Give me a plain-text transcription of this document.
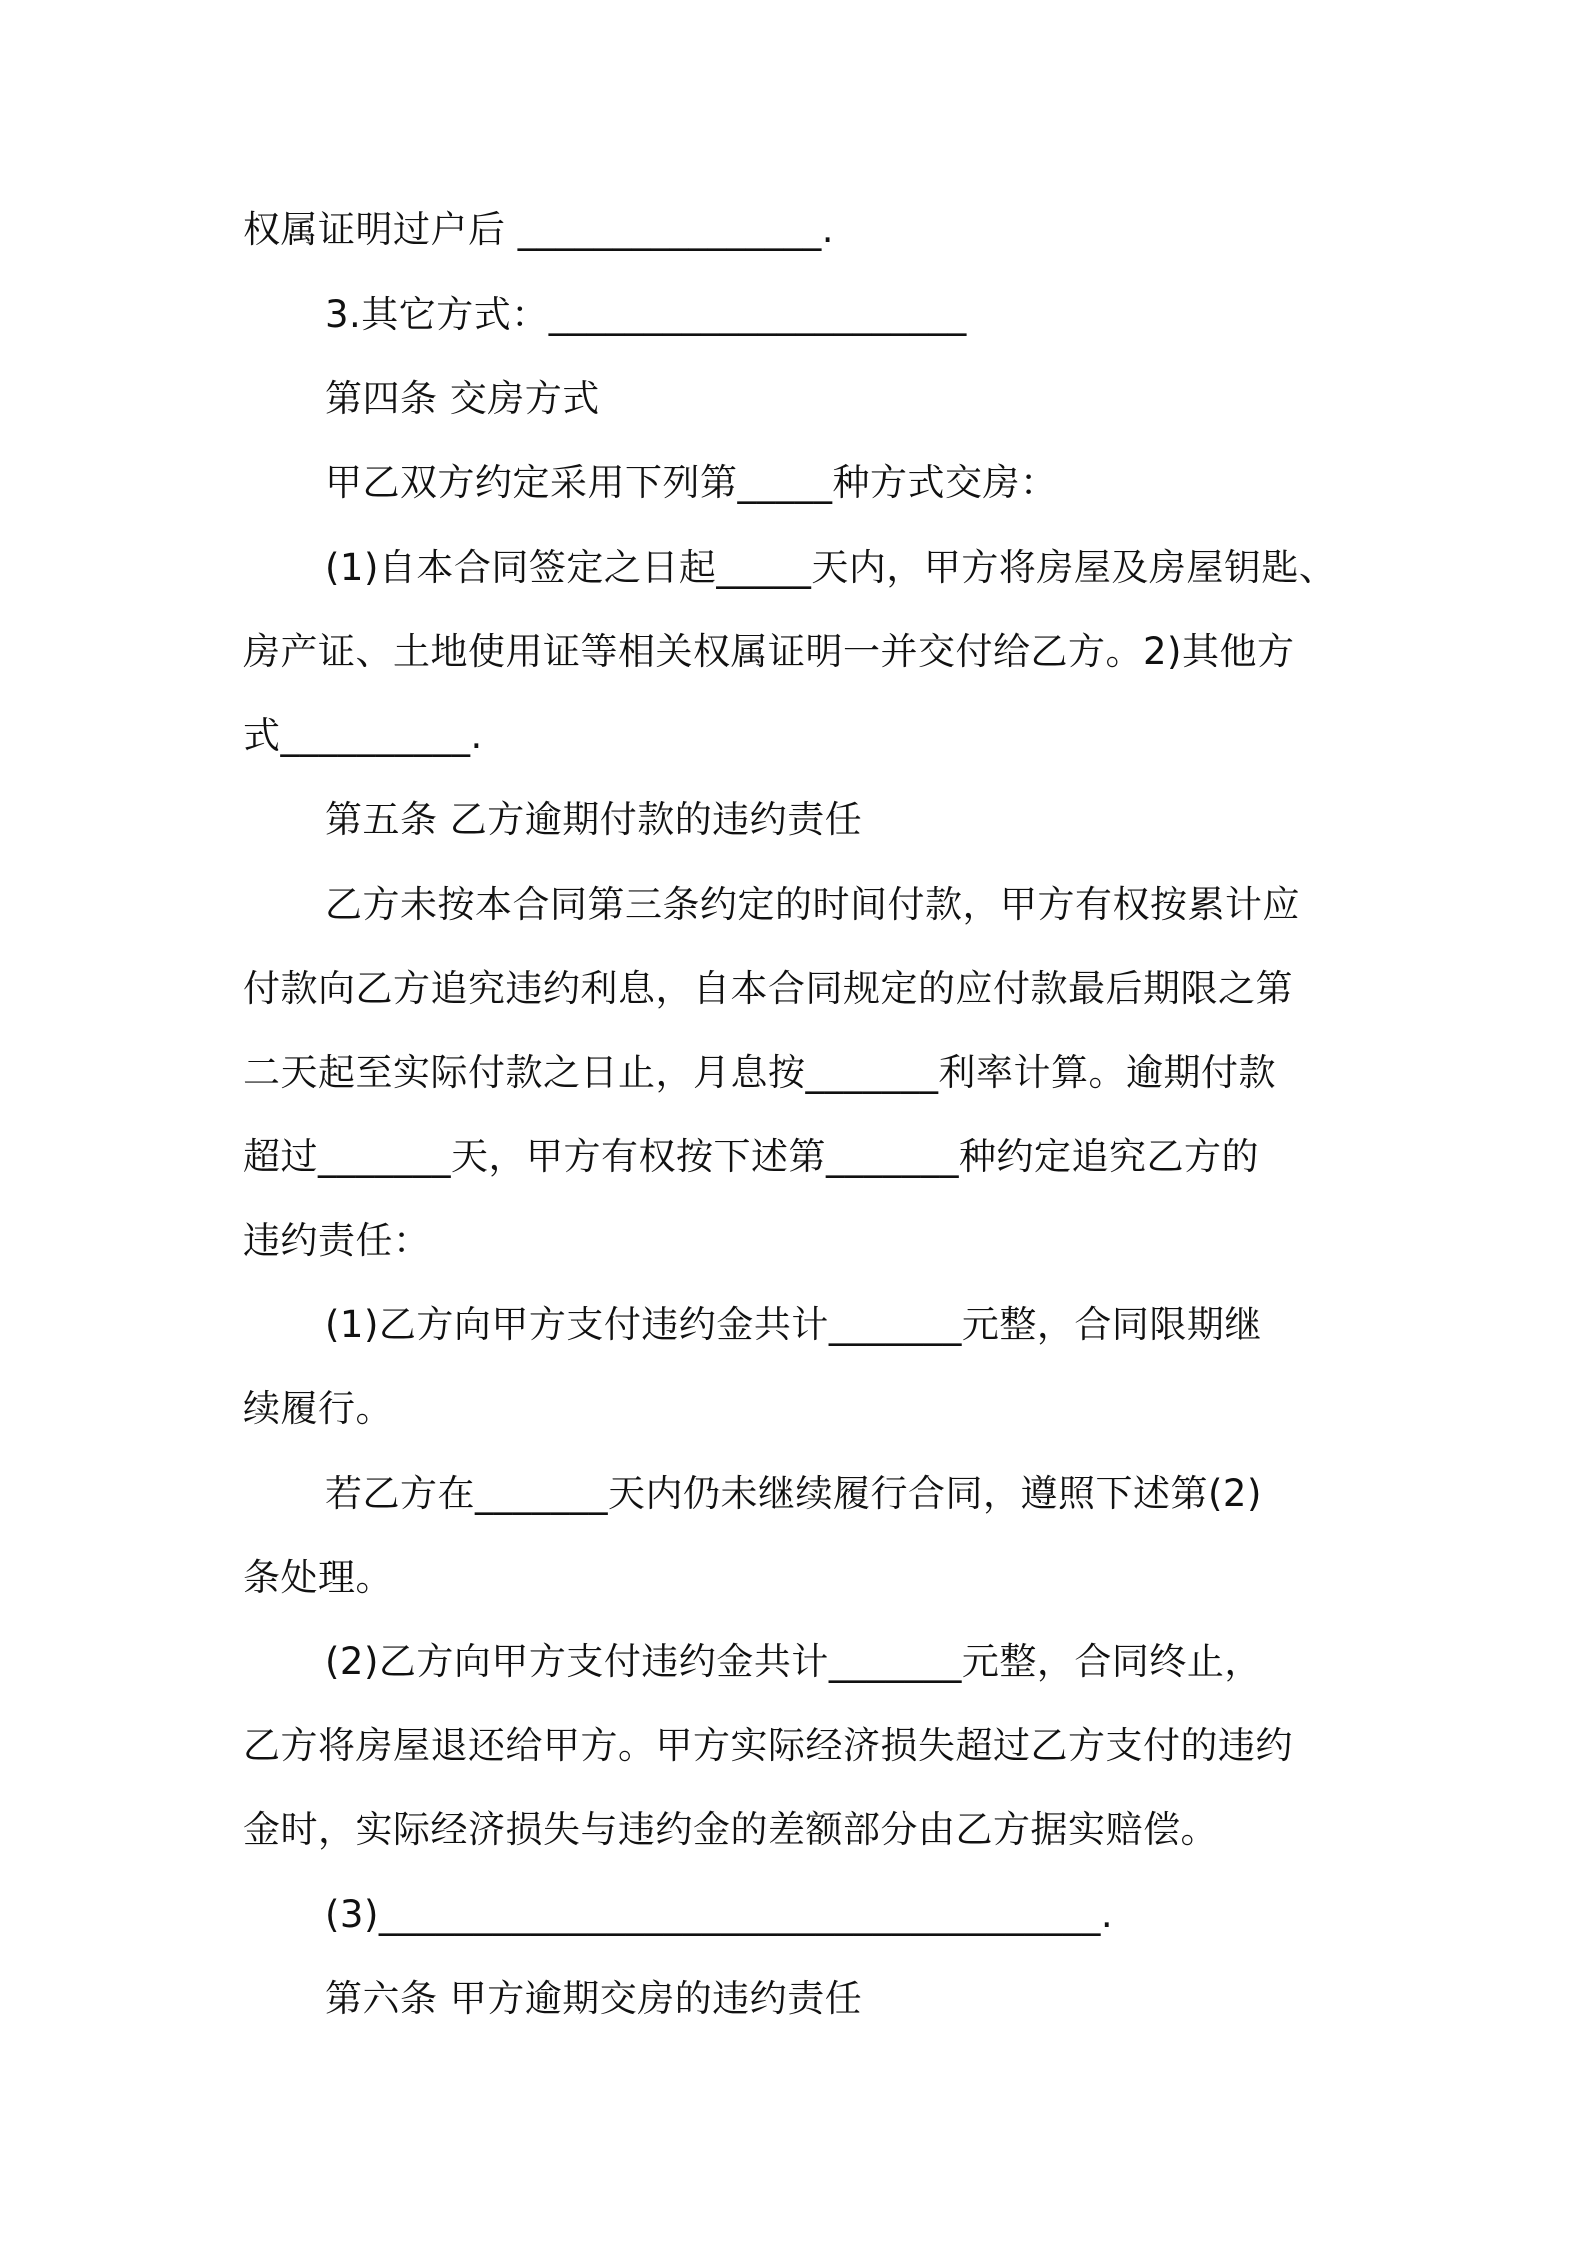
权属证明过户后 ________________.
3.其它方式：______________________
第四条 交房方式
甲乙双方约定采用下列第_____种方式交房：
(1)自本合同签定之日起_____天内，甲方将房屋及房屋钥匙、
房产证、土地使用证等相关权属证明一并交付给乙方。2)其他方
式__________.
第五条 乙方逾期付款的违约责任
乙方未按本合同第三条约定的时间付款，甲方有权按累计应
付款向乙方追究违约利息，自本合同规定的应付款最后期限之第
二天起至实际付款之日止，月息按_______利率计算。逾期付款
超过_______天，甲方有权按下述第_______种约定追究乙方的
违约责任：
(1)乙方向甲方支付违约金共计_______元整，合同限期继
续履行。
若乙方在_______天内仍未继续履行合同，遵照下述第(2)
条处理。
(2)乙方向甲方支付违约金共计_______元整，合同终止，
乙方将房屋退还给甲方。甲方实际经济损失超过乙方支付的违约
金时，实际经济损失与违约金的差额部分由乙方据实赔偿。
(3)______________________________________.
第六条 甲方逾期交房的违约责任
